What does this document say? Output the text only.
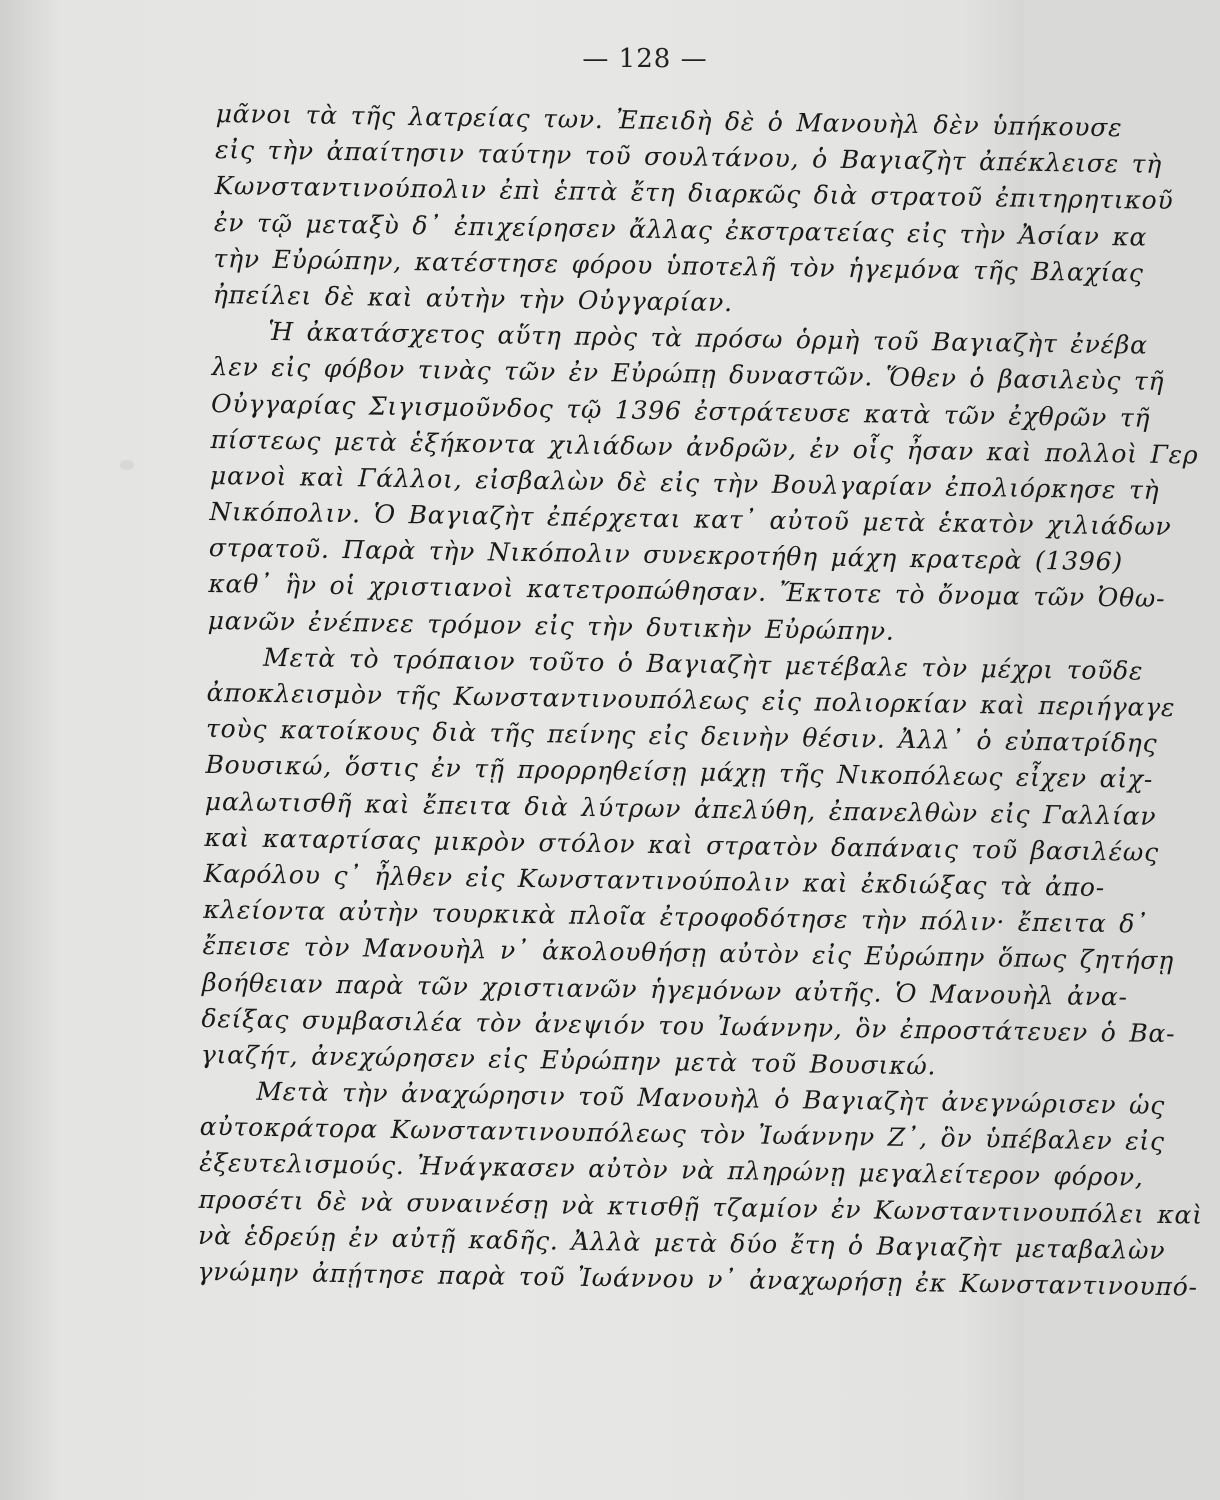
— 128 —
μᾶνοι τὰ τῆς λατρείας των. Ἐπειδὴ δὲ ὁ Μανουὴλ δὲν ὑπήκουσε
εἰς τὴν ἀπαίτησιν ταύτην τοῦ σουλτάνου, ὁ Βαγιαζὴτ ἀπέκλεισε τὴ
Κωνσταντινούπολιν ἐπὶ ἑπτὰ ἔτη διαρκῶς διὰ στρατοῦ ἐπιτηρητικοῦ
ἐν τῷ μεταξὺ δ᾽ ἐπιχείρησεν ἄλλας ἐκστρατείας εἰς τὴν Ἀσίαν κα
τὴν Εὐρώπην, κατέστησε φόρου ὑποτελῆ τὸν ἡγεμόνα τῆς Βλαχίας
ἠπείλει δὲ καὶ αὐτὴν τὴν Οὐγγαρίαν.
Ἡ ἀκατάσχετος αὕτη πρὸς τὰ πρόσω ὁρμὴ τοῦ Βαγιαζὴτ ἐνέβα
λεν εἰς φόβον τινὰς τῶν ἐν Εὐρώπῃ δυναστῶν. Ὅθεν ὁ βασιλεὺς τῆ
Οὐγγαρίας Σιγισμοῦνδος τῷ 1396 ἐστράτευσε κατὰ τῶν ἐχθρῶν τῆ
πίστεως μετὰ ἑξήκοντα χιλιάδων ἀνδρῶν, ἐν οἷς ἦσαν καὶ πολλοὶ Γερ
μανοὶ καὶ Γάλλοι, εἰσβαλὼν δὲ εἰς τὴν Βουλγαρίαν ἐπολιόρκησε τὴ
Νικόπολιν. Ὁ Βαγιαζὴτ ἐπέρχεται κατ᾽ αὐτοῦ μετὰ ἑκατὸν χιλιάδων
στρατοῦ. Παρὰ τὴν Νικόπολιν συνεκροτήθη μάχη κρατερὰ (1396)
καθ᾽ ἣν οἱ χριστιανοὶ κατετροπώθησαν. Ἔκτοτε τὸ ὄνομα τῶν Ὀθω-
μανῶν ἐνέπνεε τρόμον εἰς τὴν δυτικὴν Εὐρώπην.
Μετὰ τὸ τρόπαιον τοῦτο ὁ Βαγιαζὴτ μετέβαλε τὸν μέχρι τοῦδε
ἀποκλεισμὸν τῆς Κωνσταντινουπόλεως εἰς πολιορκίαν καὶ περιήγαγε
τοὺς κατοίκους διὰ τῆς πείνης εἰς δεινὴν θέσιν. Ἀλλ᾽ ὁ εὐπατρίδης
Βουσικώ, ὅστις ἐν τῇ προρρηθείσῃ μάχῃ τῆς Νικοπόλεως εἶχεν αἰχ-
μαλωτισθῆ καὶ ἔπειτα διὰ λύτρων ἀπελύθη, ἐπανελθὼν εἰς Γαλλίαν
καὶ καταρτίσας μικρὸν στόλον καὶ στρατὸν δαπάναις τοῦ βασιλέως
Καρόλου ς᾽ ἦλθεν εἰς Κωνσταντινούπολιν καὶ ἐκδιώξας τὰ ἀπο-
κλείοντα αὐτὴν τουρκικὰ πλοῖα ἐτροφοδότησε τὴν πόλιν· ἔπειτα δ᾽
ἔπεισε τὸν Μανουὴλ ν᾽ ἀκολουθήσῃ αὐτὸν εἰς Εὐρώπην ὅπως ζητήσῃ
βοήθειαν παρὰ τῶν χριστιανῶν ἡγεμόνων αὐτῆς. Ὁ Μανουὴλ ἀνα-
δείξας συμβασιλέα τὸν ἀνεψιόν του Ἰωάννην, ὃν ἐπροστάτευεν ὁ Βα-
γιαζήτ, ἀνεχώρησεν εἰς Εὐρώπην μετὰ τοῦ Βουσικώ.
Μετὰ τὴν ἀναχώρησιν τοῦ Μανουὴλ ὁ Βαγιαζὴτ ἀνεγνώρισεν ὡς
αὐτοκράτορα Κωνσταντινουπόλεως τὸν Ἰωάννην Ζ᾽, ὃν ὑπέβαλεν εἰς
ἐξευτελισμούς. Ἠνάγκασεν αὐτὸν νὰ πληρώνῃ μεγαλείτερον φόρον,
προσέτι δὲ νὰ συναινέσῃ νὰ κτισθῇ τζαμίον ἐν Κωνσταντινουπόλει καὶ
νὰ ἑδρεύῃ ἐν αὐτῇ καδῆς. Ἀλλὰ μετὰ δύο ἔτη ὁ Βαγιαζὴτ μεταβαλὼν
γνώμην ἀπῄτησε παρὰ τοῦ Ἰωάννου ν᾽ ἀναχωρήσῃ ἐκ Κωνσταντινουπό-
